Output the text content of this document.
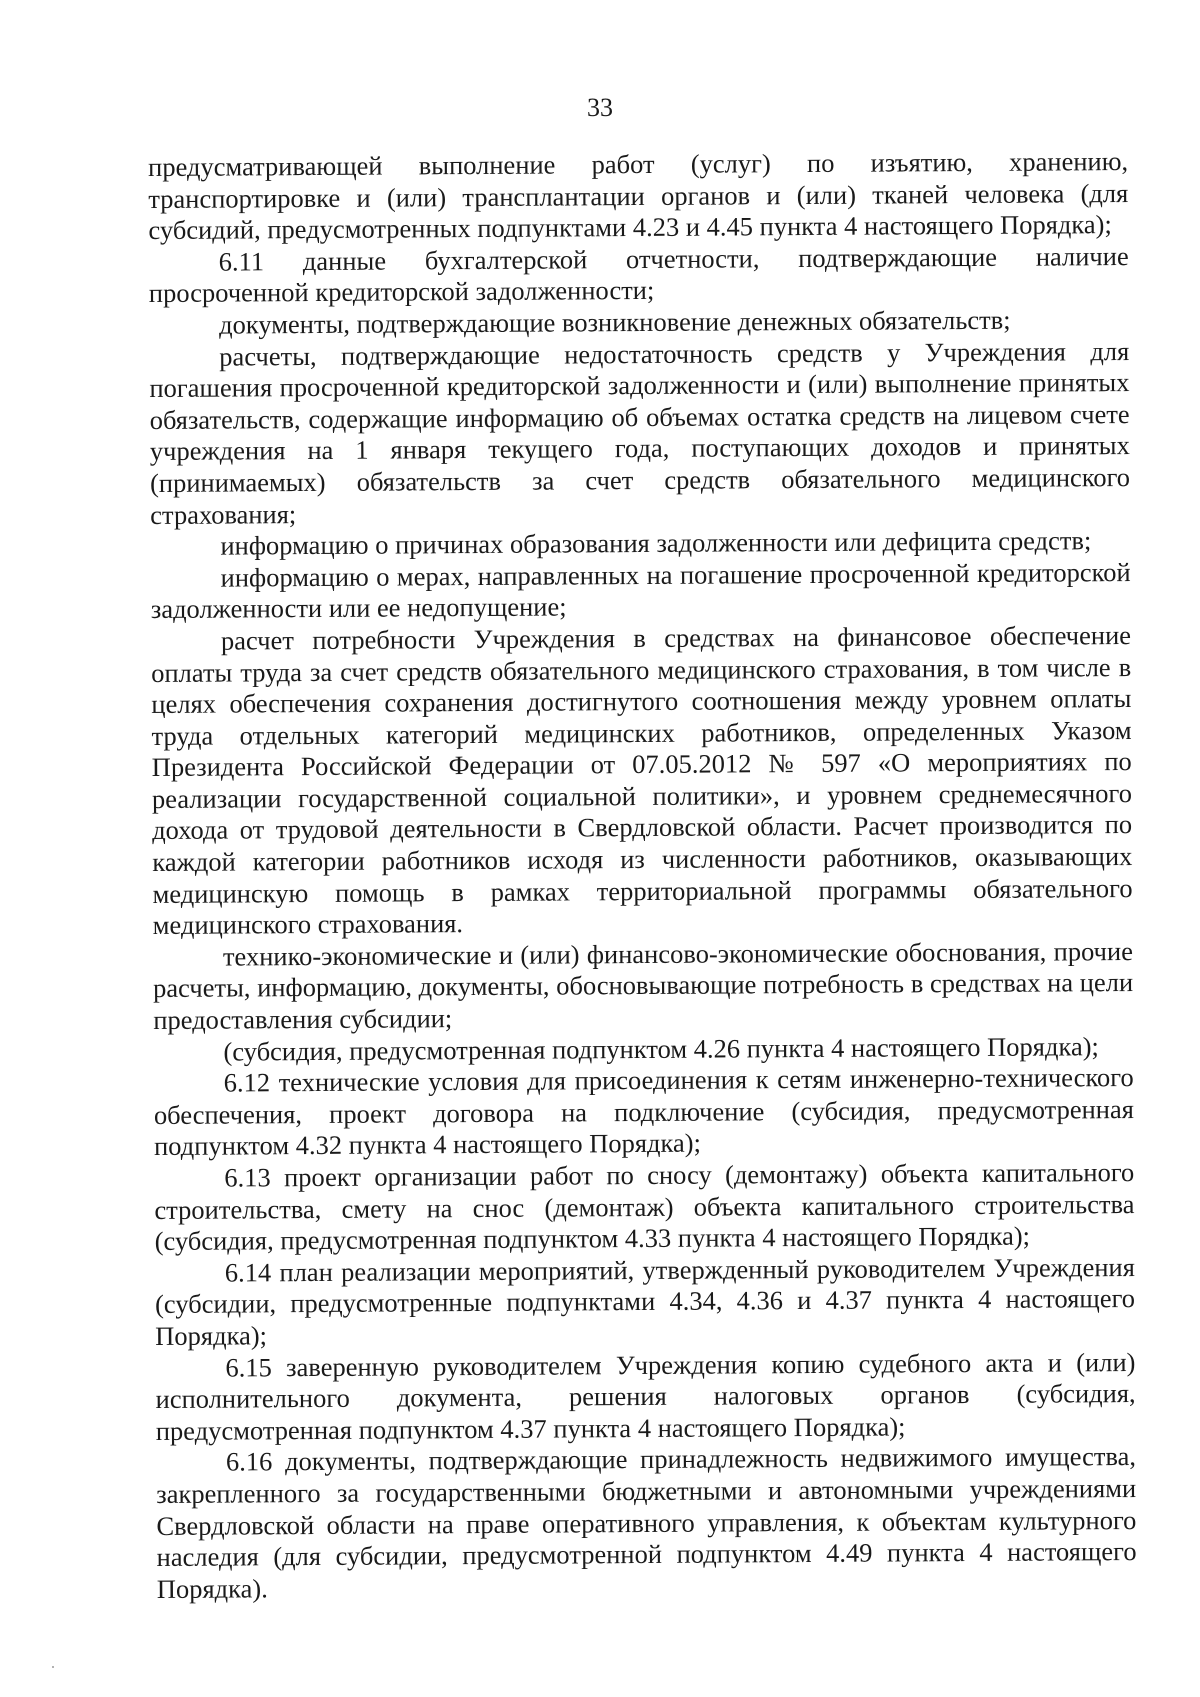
33

предусматривающей выполнение работ (услуг) по изъятию, хранению, транспортировке и (или) трансплантации органов и (или) тканей человека (для субсидий, предусмотренных подпунктами 4.23 и 4.45 пункта 4 настоящего Порядка);

6.11 данные бухгалтерской отчетности, подтверждающие наличие просроченной кредиторской задолженности;

документы, подтверждающие возникновение денежных обязательств;

расчеты, подтверждающие недостаточность средств у Учреждения для погашения просроченной кредиторской задолженности и (или) выполнение принятых обязательств, содержащие информацию об объемах остатка средств на лицевом счете учреждения на 1 января текущего года, поступающих доходов и принятых (принимаемых) обязательств за счет средств обязательного медицинского страхования;

информацию о причинах образования задолженности или дефицита средств;

информацию о мерах, направленных на погашение просроченной кредиторской задолженности или ее недопущение;

расчет потребности Учреждения в средствах на финансовое обеспечение оплаты труда за счет средств обязательного медицинского страхования, в том числе в целях обеспечения сохранения достигнутого соотношения между уровнем оплаты труда отдельных категорий медицинских работников, определенных Указом Президента Российской Федерации от 07.05.2012 № 597 «О мероприятиях по реализации государственной социальной политики», и уровнем среднемесячного дохода от трудовой деятельности в Свердловской области. Расчет производится по каждой категории работников исходя из численности работников, оказывающих медицинскую помощь в рамках территориальной программы обязательного медицинского страхования.

технико-экономические и (или) финансово-экономические обоснования, прочие расчеты, информацию, документы, обосновывающие потребность в средствах на цели предоставления субсидии;

(субсидия, предусмотренная подпунктом 4.26 пункта 4 настоящего Порядка);

6.12 технические условия для присоединения к сетям инженерно-технического обеспечения, проект договора на подключение (субсидия, предусмотренная подпунктом 4.32 пункта 4 настоящего Порядка);

6.13 проект организации работ по сносу (демонтажу) объекта капитального строительства, смету на снос (демонтаж) объекта капитального строительства (субсидия, предусмотренная подпунктом 4.33 пункта 4 настоящего Порядка);

6.14 план реализации мероприятий, утвержденный руководителем Учреждения (субсидии, предусмотренные подпунктами 4.34, 4.36 и 4.37 пункта 4 настоящего Порядка);

6.15 заверенную руководителем Учреждения копию судебного акта и (или) исполнительного документа, решения налоговых органов (субсидия, предусмотренная подпунктом 4.37 пункта 4 настоящего Порядка);

6.16 документы, подтверждающие принадлежность недвижимого имущества, закрепленного за государственными бюджетными и автономными учреждениями Свердловской области на праве оперативного управления, к объектам культурного наследия (для субсидии, предусмотренной подпунктом 4.49 пункта 4 настоящего Порядка).
